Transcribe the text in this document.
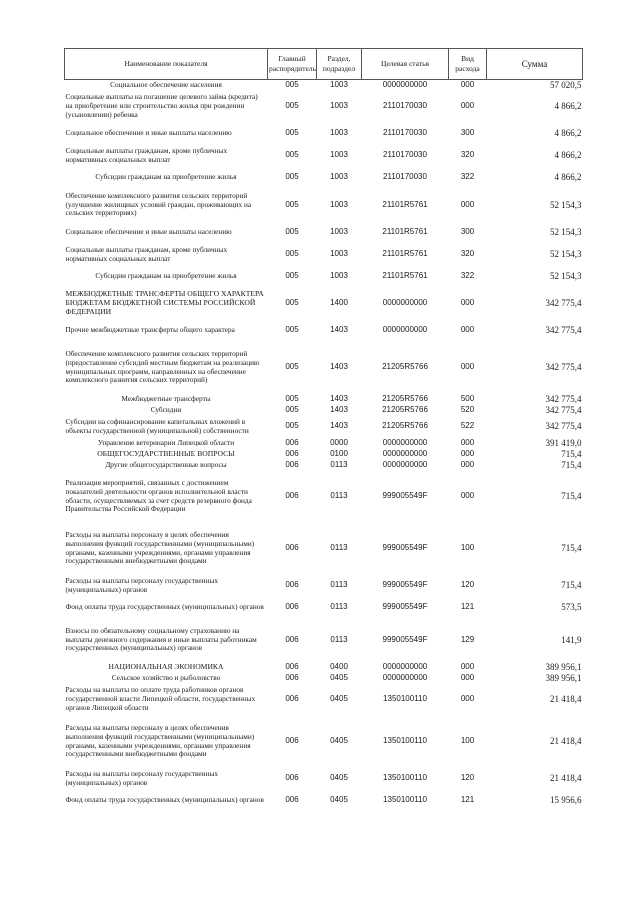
Наименование показателя	Главный распорядитель	Раздел, подраздел	Целевая статья	Вид расхода	Сумма
Социальное обеспечение населения	005	1003	0000000000	000	57 020,5
Социальные выплаты на погашение целевого займа (кредита) на приобретение или строительство жилья при рождении (усыновлении) ребенка	005	1003	2110170030	000	4 866,2
Социальное обеспечение и иные выплаты населению	005	1003	2110170030	300	4 866,2
Социальные выплаты гражданам, кроме публичных нормативных социальных выплат	005	1003	2110170030	320	4 866,2
Субсидии гражданам на приобретение жилья	005	1003	2110170030	322	4 866,2
Обеспечение комплексного развития сельских территорий (улучшение жилищных условий граждан, проживающих на сельских территориях)	005	1003	21101R5761	000	52 154,3
Социальное обеспечение и иные выплаты населению	005	1003	21101R5761	300	52 154,3
Социальные выплаты гражданам, кроме публичных нормативных социальных выплат	005	1003	21101R5761	320	52 154,3
Субсидии гражданам на приобретение жилья	005	1003	21101R5761	322	52 154,3
МЕЖБЮДЖЕТНЫЕ ТРАНСФЕРТЫ ОБЩЕГО ХАРАКТЕРА БЮДЖЕТАМ БЮДЖЕТНОЙ СИСТЕМЫ РОССИЙСКОЙ ФЕДЕРАЦИИ	005	1400	0000000000	000	342 775,4
Прочие межбюджетные трансферты общего характера	005	1403	0000000000	000	342 775,4
Обеспечение комплексного развития сельских территорий (предоставление субсидий местным бюджетам на реализацию муниципальных программ, направленных на обеспечение комплексного развития сельских территорий)	005	1403	21205R5766	000	342 775,4
Межбюджетные трансферты	005	1403	21205R5766	500	342 775,4
Субсидии	005	1403	21205R5766	520	342 775,4
Субсидии на софинансирование капитальных вложений в объекты государственной (муниципальной) собственности	005	1403	21205R5766	522	342 775,4
Управление ветеринарии Липецкой области	006	0000	0000000000	000	391 419,0
ОБЩЕГОСУДАРСТВЕННЫЕ ВОПРОСЫ	006	0100	0000000000	000	715,4
Другие общегосударственные вопросы	006	0113	0000000000	000	715,4
Реализация мероприятий, связанных с достижением показателей деятельности органов исполнительной власти области, осуществляемых за счет средств резервного фонда Правительства Российской Федерации	006	0113	999005549F	000	715,4
Расходы на выплаты персоналу в целях обеспечения выполнения функций государственными (муниципальными) органами, казенными учреждениями, органами управления государственными внебюджетными фондами	006	0113	999005549F	100	715,4
Расходы на выплаты персоналу государственных (муниципальных) органов	006	0113	999005549F	120	715,4
Фонд оплаты труда государственных (муниципальных) органов	006	0113	999005549F	121	573,5
Взносы по обязательному социальному страхованию на выплаты денежного содержания и иные выплаты работникам государственных (муниципальных) органов	006	0113	999005549F	129	141,9
НАЦИОНАЛЬНАЯ ЭКОНОМИКА	006	0400	0000000000	000	389 956,1
Сельское хозяйство и рыболовство	006	0405	0000000000	000	389 956,1
Расходы на выплаты по оплате труда работников органов государственной власти Липецкой области, государственных органов Липецкой области	006	0405	1350100110	000	21 418,4
Расходы на выплаты персоналу в целях обеспечения выполнения функций государственными (муниципальными) органами, казенными учреждениями, органами управления государственными внебюджетными фондами	006	0405	1350100110	100	21 418,4
Расходы на выплаты персоналу государственных (муниципальных) органов	006	0405	1350100110	120	21 418,4
Фонд оплаты труда государственных (муниципальных) органов	006	0405	1350100110	121	15 956,6
